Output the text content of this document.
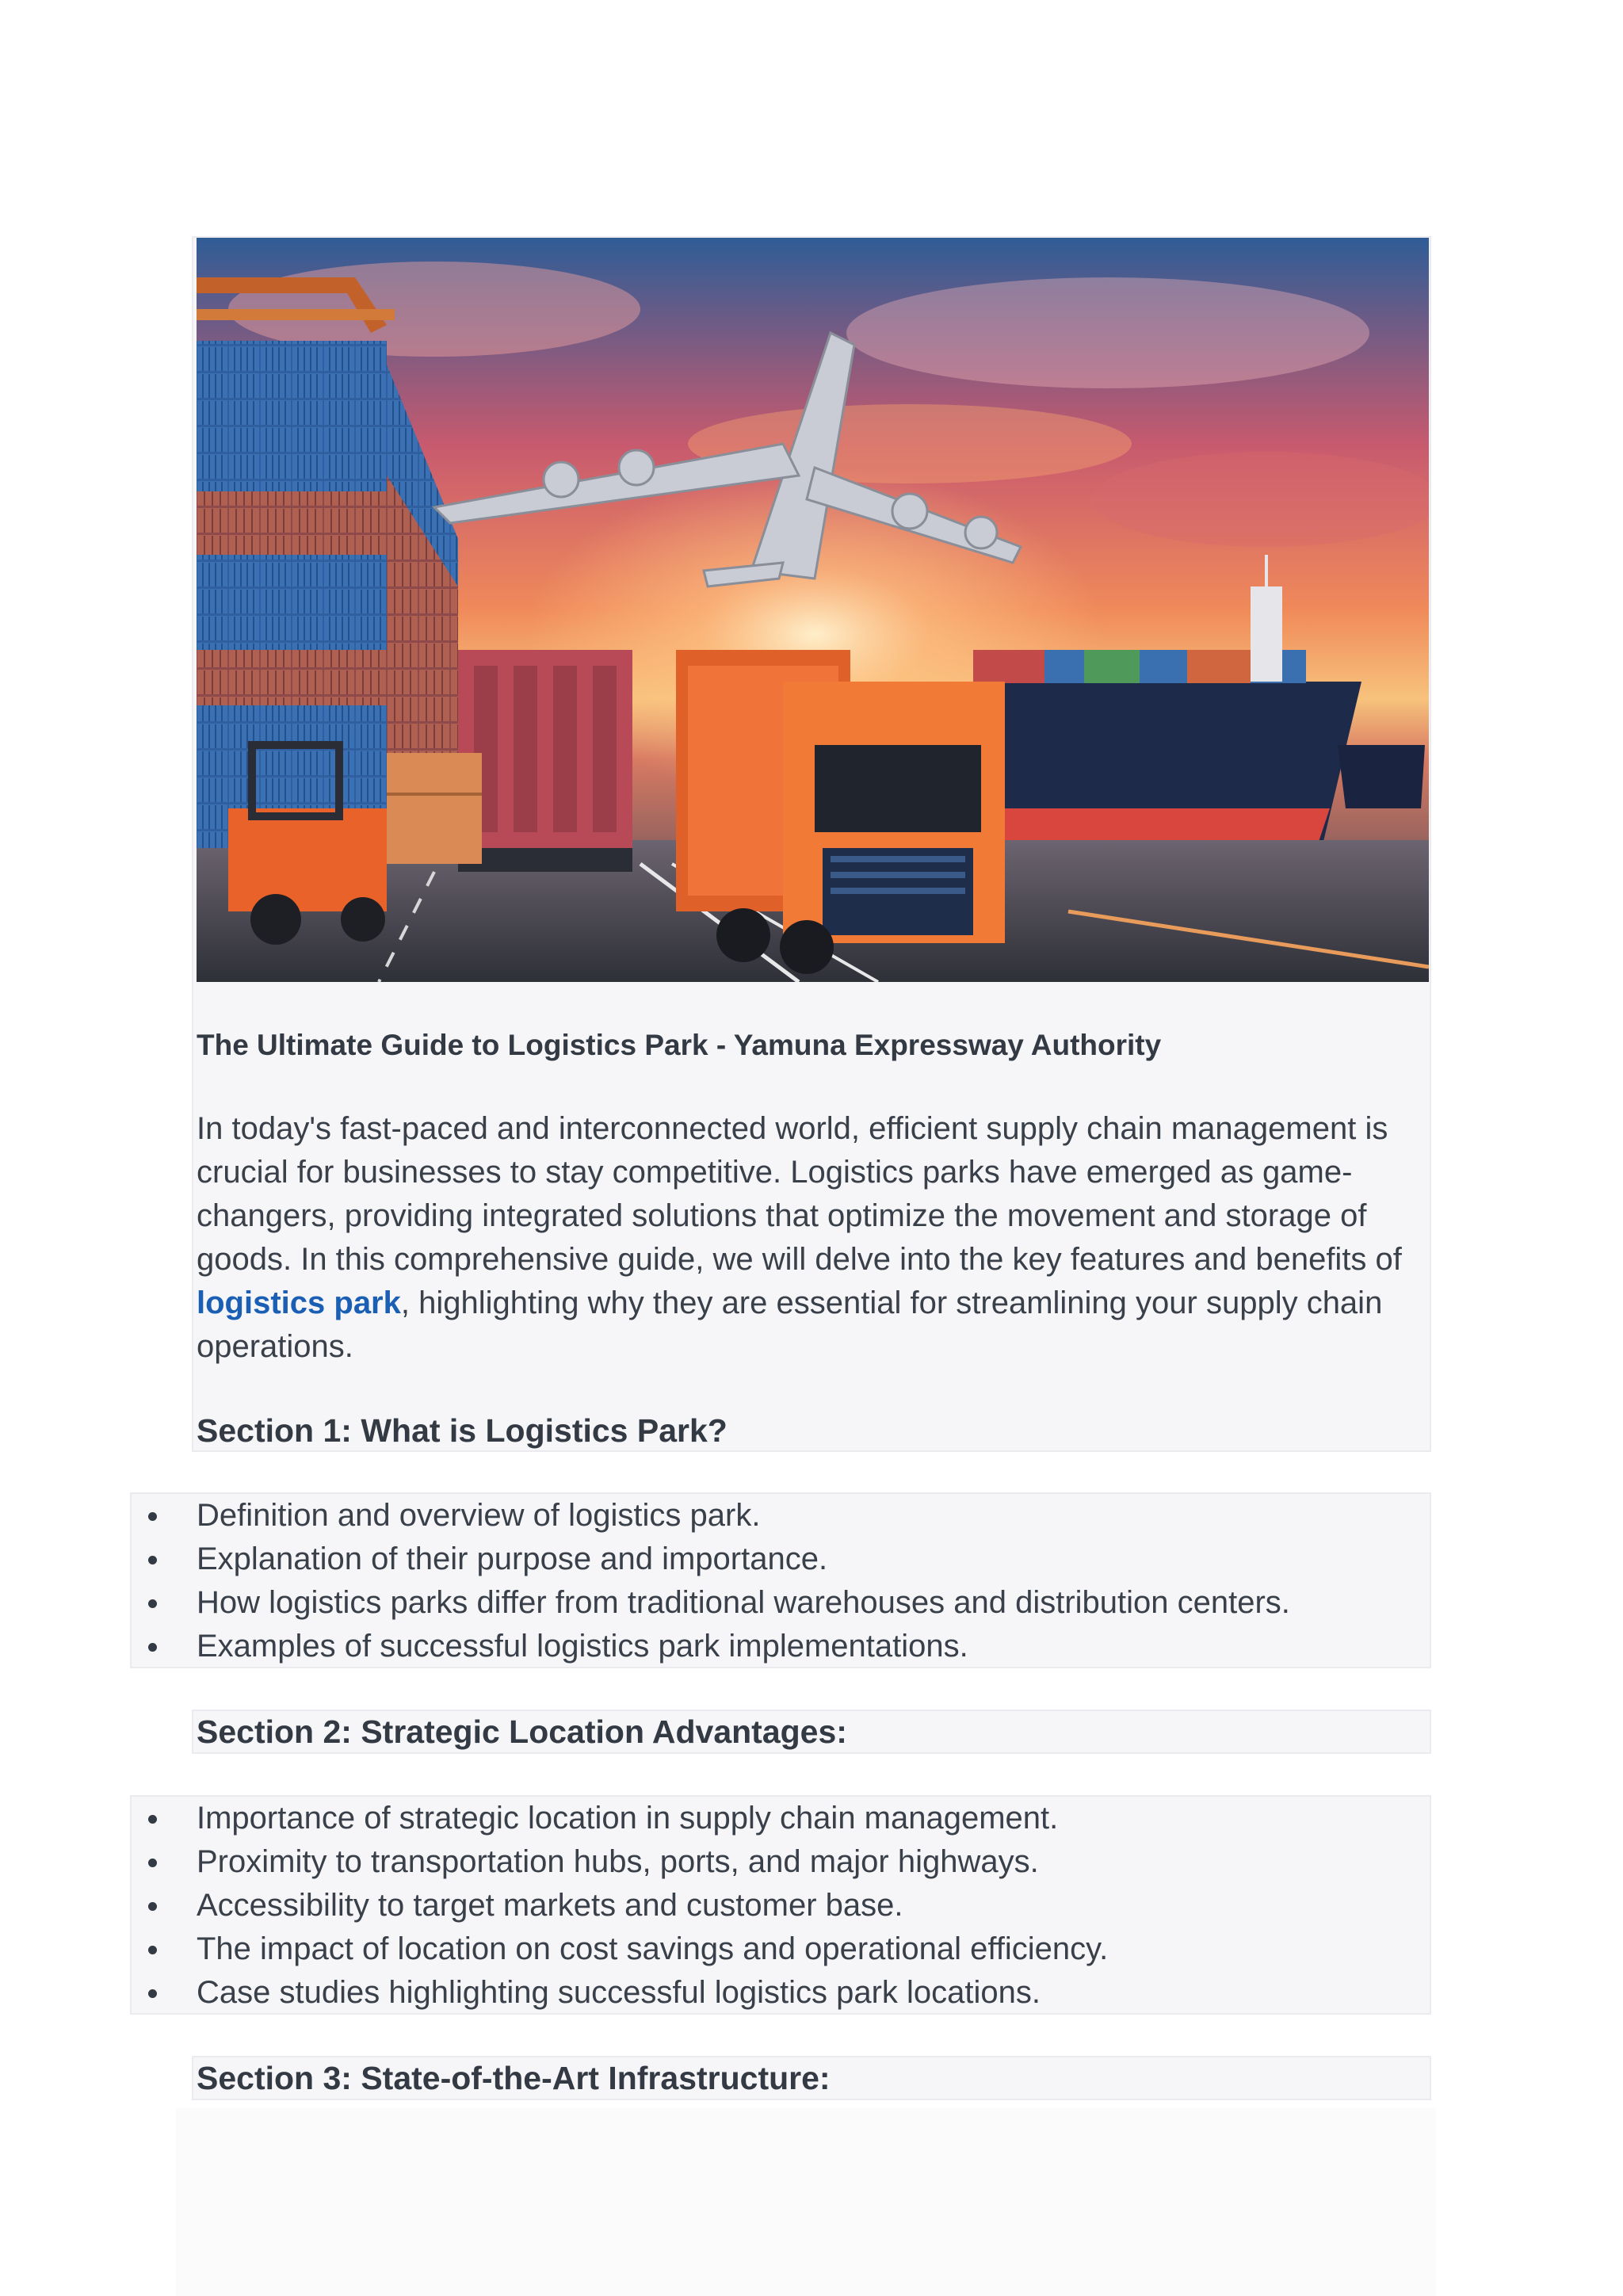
The Ultimate Guide to Logistics Park - Yamuna Expressway Authority

In today's fast-paced and interconnected world, efficient supply chain management is crucial for businesses to stay competitive. Logistics parks have emerged as game-changers, providing integrated solutions that optimize the movement and storage of goods. In this comprehensive guide, we will delve into the key features and benefits of logistics park, highlighting why they are essential for streamlining your supply chain operations.

Section 1: What is Logistics Park?
Definition and overview of logistics park.
Explanation of their purpose and importance.
How logistics parks differ from traditional warehouses and distribution centers.
Examples of successful logistics park implementations.
Section 2: Strategic Location Advantages:
Importance of strategic location in supply chain management.
Proximity to transportation hubs, ports, and major highways.
Accessibility to target markets and customer base.
The impact of location on cost savings and operational efficiency.
Case studies highlighting successful logistics park locations.
Section 3: State-of-the-Art Infrastructure:
